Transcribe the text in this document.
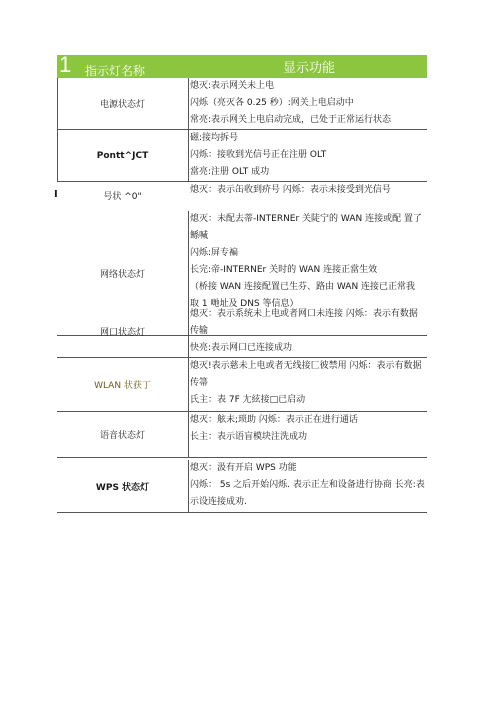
1 指示灯名称	显示功能
电源状态灯
熄灭:表示网关未上电
闪烁（亮灭各 0.25 秒）:网关上电启动中
常亮:表示网关上电启动完成，已处于正常运行状态
Pontt^JCT
磁:接均拆号
闪烁：接收到光信号正在注册 OLT
當亮:注册 OLT 成功
号状 ^0"
熄灭：表示缶收到疥号 闪烁：表示未接受到光信号
网络状态灯
熄灭：未配去蒂-INTERNEr 关陡宁的 WAN 连接或配 置了
鲧喊
闪烁:屏专褊
长完:帝-INTERNEr 关时的 WAN 连接正當生效
（桥接 WAN 连接配置已生芬、路由 WAN 连接已正常我
取 1 哋址及 DNS 等信息）
网口状态灯
熄灭：表示系统未上电或者网口未连接 闪烁：表示有数据
传输
快亮:表示网口已连接成功
WLAN 状获丁
熄灭!表示慈未上电或者无线接匚彼禁用 闪烁：表示有数据
传箒
氏主：表 7F 尢絃接□已启动
语音状态灯
熄灭：舷未;琐助 闪烁：表示正在进行通话
长主：表示语盲模块注洗成功
WPS 状态灯
熄灭：汲有开启 WPS 功能
闪烁： 5s 之后开始闪烁. 表示正左和设备进行协商 长亮:表
示设连接成劝.
I
